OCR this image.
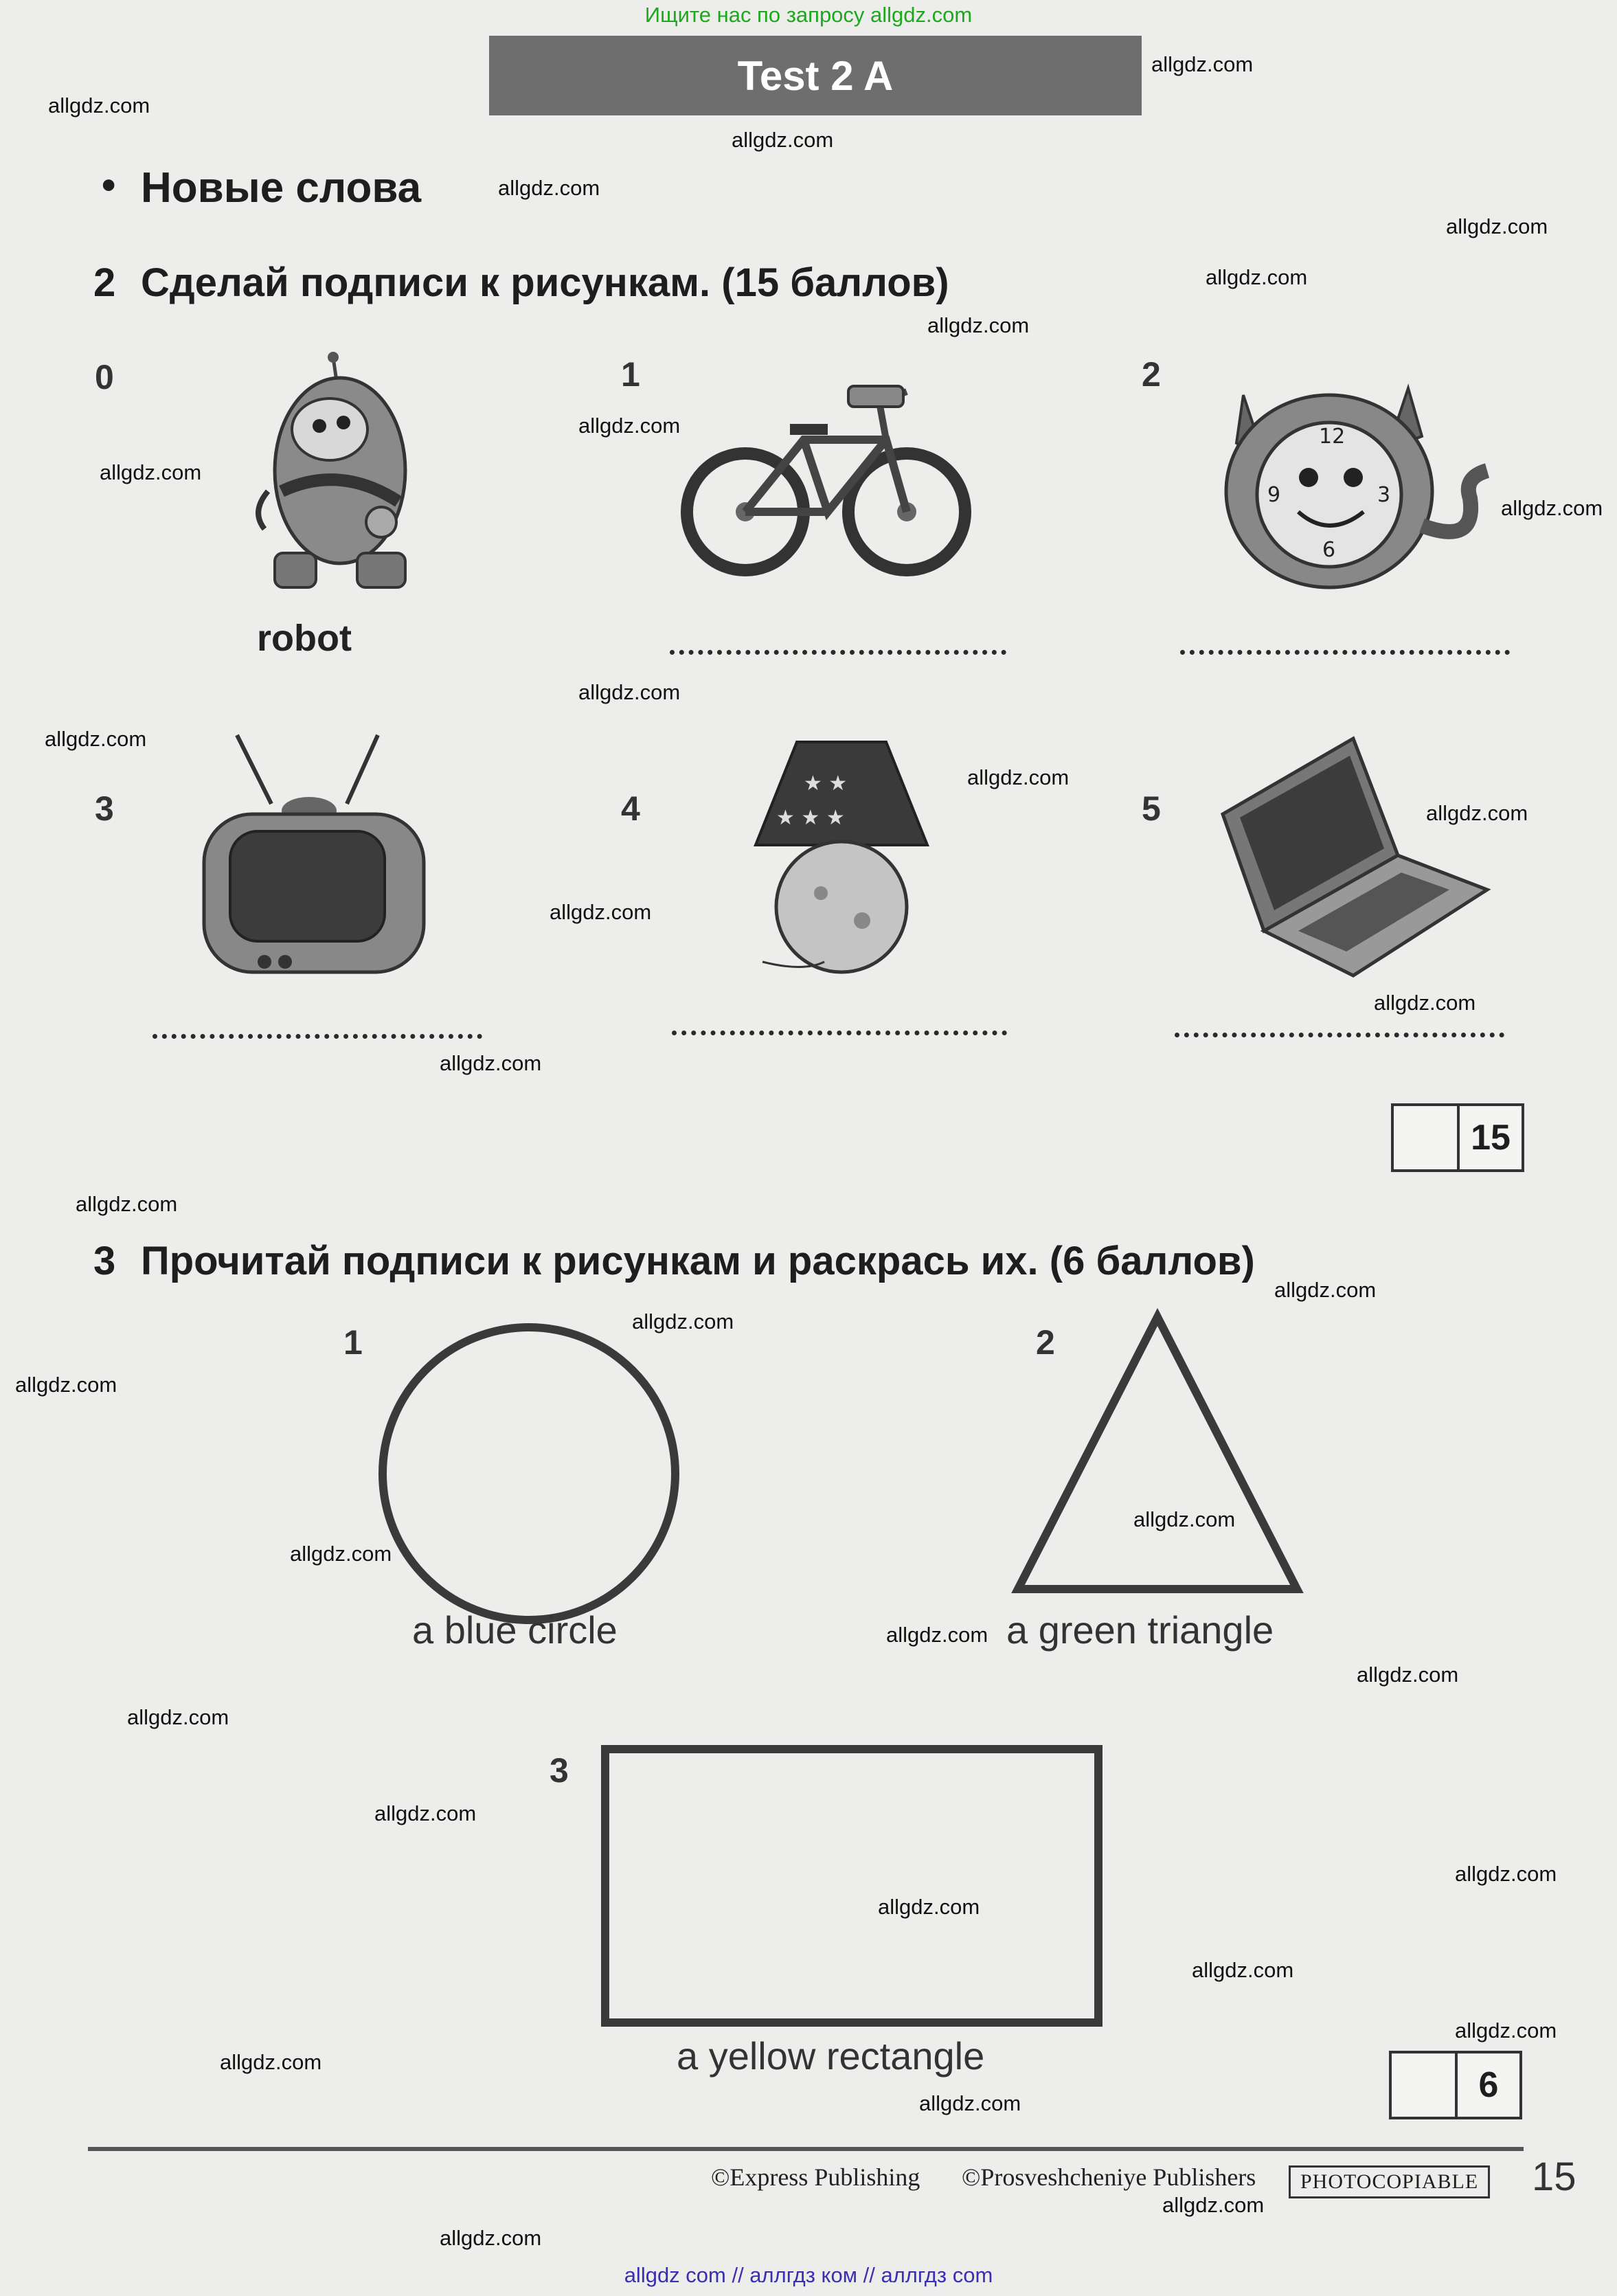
Ищите нас по запросу allgdz.com
allgdz com // аллгдз ком // аллгдз com
Test 2 A
• Новые слова
2 Сделай подписи к рисункам. (15 баллов)
0	1	2
3	4	5
robot
12
3
6
9
★ ★
★ ★ ★
15
3 Прочитай подписи к рисункам и раскрась их. (6 баллов)
1	2
3
a blue circle	a green triangle
a yellow rectangle
6
©Express Publishing ©Prosveshcheniye Publishers	PHOTOCOPIABLE 15
allgdz.com
allgdz.com
allgdz.com
allgdz.com
allgdz.com
allgdz.com
allgdz.com
allgdz.com
allgdz.com
allgdz.com
allgdz.com
allgdz.com
allgdz.com
allgdz.com
allgdz.com
allgdz.com
allgdz.com
allgdz.com
allgdz.com
allgdz.com
allgdz.com
allgdz.com
allgdz.com
allgdz.com
allgdz.com
allgdz.com
allgdz.com
allgdz.com
allgdz.com
allgdz.com
allgdz.com
allgdz.com
allgdz.com
allgdz.com
allgdz.com
